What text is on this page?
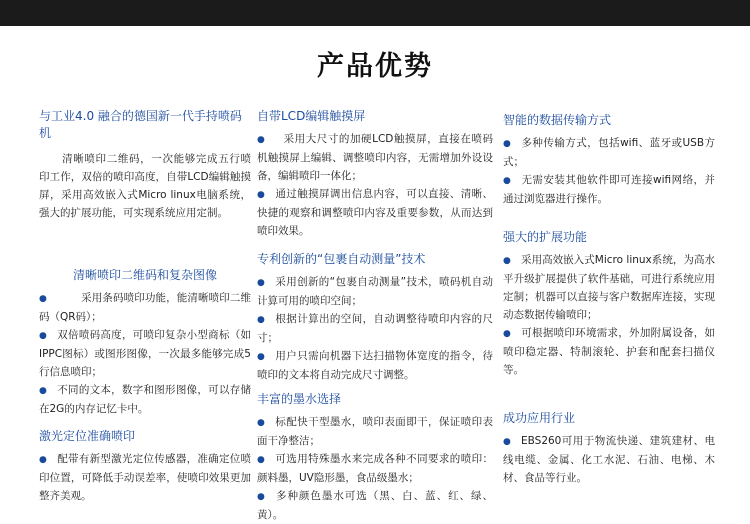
产品优势
与工业4.0 融合的德国新一代手持喷码机
清晰喷印二维码，一次能够完成五行喷印工作，双倍的喷印高度，自带LCD编辑触摸屏，采用高效嵌入式Micro linux电脑系统，强大的扩展功能，可实现系统应用定制。
清晰喷印二维码和复杂图像
●	采用条码喷印功能，能清晰喷印二维码（QR码）；
● 双倍喷码高度，可喷印复杂小型商标（如IPPC图标）或图形图像，一次最多能够完成5行信息喷印；
● 不同的文本，数字和图形图像，可以存储在2G的内存记忆卡中。
激光定位准确喷印
● 配带有新型激光定位传感器，准确定位喷印位置，可降低手动误差率，使喷印效果更加整齐美观。
自带LCD编辑触摸屏
● 采用大尺寸的加硬LCD触摸屏，直接在喷码机触摸屏上编辑、调整喷印内容，无需增加外设设备，编辑喷印一体化；
● 通过触摸屏调出信息内容，可以直接、清晰、快捷的观察和调整喷印内容及重要参数，从而达到喷印效果。
专利创新的“包裹自动测量”技术
● 采用创新的“包裹自动测量”技术，喷码机自动计算可用的喷印空间；
● 根据计算出的空间，自动调整待喷印内容的尺寸；
● 用户只需向机器下达扫描物体宽度的指令，待喷印的文本将自动完成尺寸调整。
丰富的墨水选择
● 标配快干型墨水，喷印表面即干，保证喷印表面干净整洁；
● 可选用特殊墨水来完成各种不同要求的喷印：颜料墨，UV隐形墨，食品级墨水；
● 多种颜色墨水可选（黑、白、蓝、红、绿、黄）。
智能的数据传输方式
● 多种传输方式，包括wifi、蓝牙或USB方式；
● 无需安装其他软件即可连接wifi网络，并通过浏览器进行操作。
强大的扩展功能
● 采用高效嵌入式Micro linux系统，为高水平升级扩展提供了软件基础，可进行系统应用定制；机器可以直接与客户数据库连接，实现动态数据传输喷印；
● 可根据喷印环境需求，外加附属设备，如喷印稳定器、特制滚轮、护套和配套扫描仪等。
成功应用行业
● EBS260可用于物流快递、建筑建材、电线电缆、金属、化工水泥、石油、电梯、木材、食品等行业。
